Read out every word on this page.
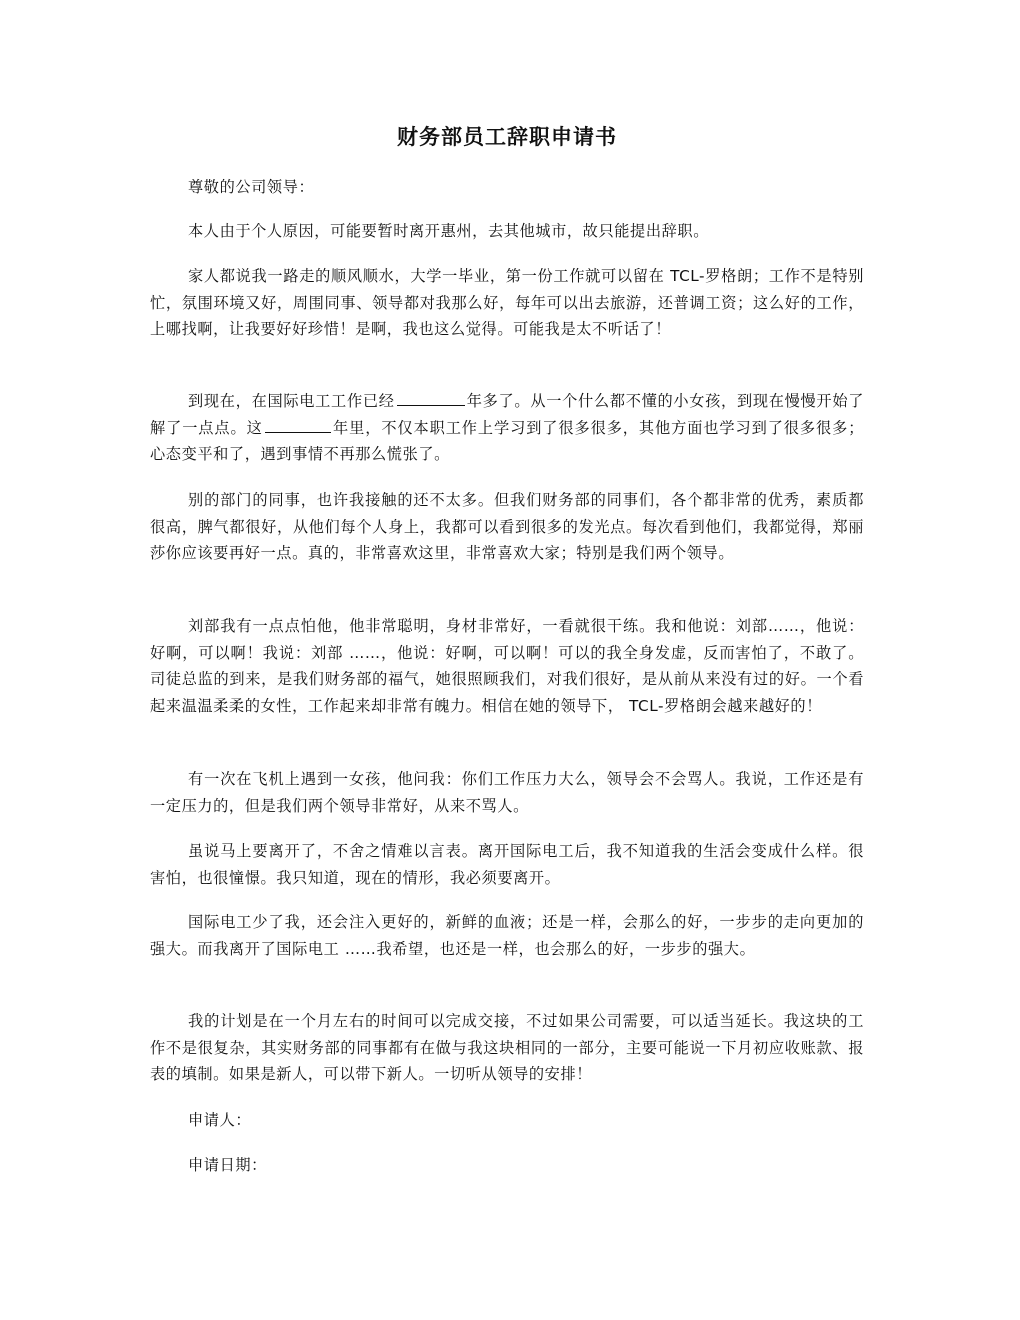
财务部员工辞职申请书

尊敬的公司领导：

本人由于个人原因，可能要暂时离开惠州，去其他城市，故只能提出辞职。

家人都说我一路走的顺风顺水，大学一毕业，第一份工作就可以留在 TCL-罗格朗；工作不是特别忙，氛围环境又好，周围同事、领导都对我那么好，每年可以出去旅游，还普调工资；这么好的工作，上哪找啊，让我要好好珍惜！是啊，我也这么觉得。可能我是太不听话了！

到现在，在国际电工工作已经	年多了。从一个什么都不懂的小女孩，到现在慢慢开始了解了一点点。这	年里，不仅本职工作上学习到了很多很多，其他方面也学习到了很多很多；心态变平和了，遇到事情不再那么慌张了。

别的部门的同事，也许我接触的还不太多。但我们财务部的同事们，各个都非常的优秀，素质都很高，脾气都很好，从他们每个人身上，我都可以看到很多的发光点。每次看到他们，我都觉得，郑丽莎你应该要再好一点。真的，非常喜欢这里，非常喜欢大家；特别是我们两个领导。

刘部我有一点点怕他，他非常聪明，身材非常好，一看就很干练。我和他说：刘部……，他说：好啊，可以啊！我说：刘部 ……，他说：好啊，可以啊！可以的我全身发虚，反而害怕了，不敢了。司徒总监的到来，是我们财务部的福气，她很照顾我们，对我们很好，是从前从来没有过的好。一个看起来温温柔柔的女性，工作起来却非常有魄力。相信在她的领导下， TCL-罗格朗会越来越好的！

有一次在飞机上遇到一女孩，他问我：你们工作压力大么，领导会不会骂人。我说，工作还是有一定压力的，但是我们两个领导非常好，从来不骂人。

虽说马上要离开了，不舍之情难以言表。离开国际电工后，我不知道我的生活会变成什么样。很害怕，也很憧憬。我只知道，现在的情形，我必须要离开。

国际电工少了我，还会注入更好的，新鲜的血液；还是一样，会那么的好，一步步的走向更加的强大。而我离开了国际电工 ……我希望，也还是一样，也会那么的好，一步步的强大。

我的计划是在一个月左右的时间可以完成交接，不过如果公司需要，可以适当延长。我这块的工作不是很复杂，其实财务部的同事都有在做与我这块相同的一部分，主要可能说一下月初应收账款、报表的填制。如果是新人，可以带下新人。一切听从领导的安排！

申请人：

申请日期：
